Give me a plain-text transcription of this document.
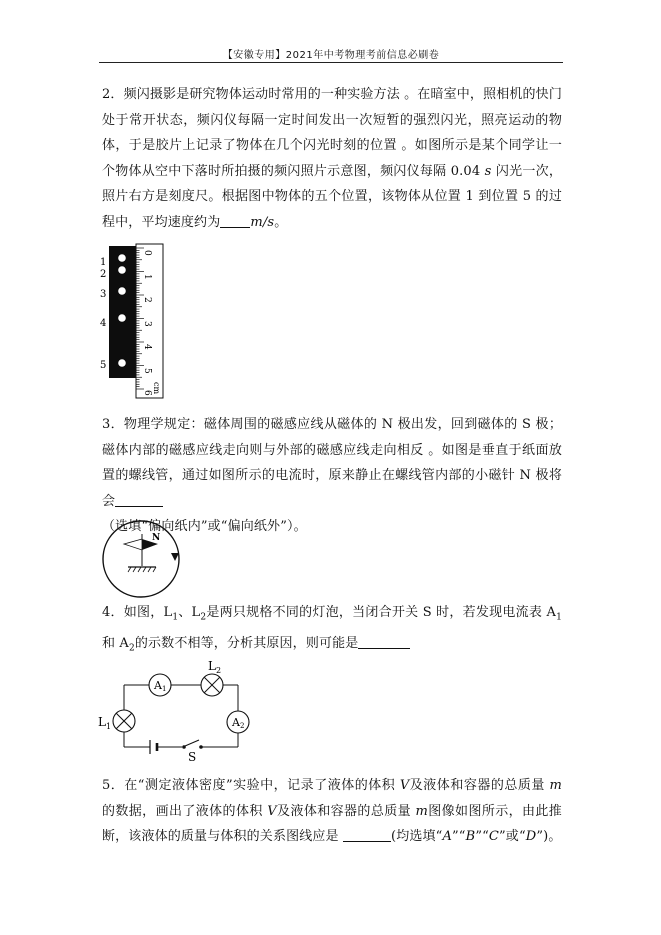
【安徽专用】2021年中考物理考前信息必刷卷
2．频闪摄影是研究物体运动时常用的一种实验方法 。在暗室中，照相机的快门处于常开状态，频闪仪每隔一定时间发出一次短暂的强烈闪光，照亮运动的物体，于是胶片上记录了物体在几个闪光时刻的位置 。如图所示是某个同学让一个物体从空中下落时所拍摄的频闪照片示意图，频闪仪每隔 0.04 s 闪光一次，照片右方是刻度尺。根据图中物体的五个位置，该物体从位置 1 到位置 5 的过程中，平均速度约为 m/s。
1
2
3
4
5
0
1
2
3
4
5
cm
6
3．物理学规定：磁体周围的磁感应线从磁体的 N 极出发，回到磁体的 S 极；磁体内部的磁感应线走向则与外部的磁感应线走向相反 。如图是垂直于纸面放置的螺线管，通过如图所示的电流时，原来静止在螺线管内部的小磁针 N 极将会
（选填“偏向纸内”或“偏向纸外”）。
N
4．如图，$L_1$、$L_2$是两只规格不同的灯泡，当闭合开关 S 时，若发现电流表 $A_1$和 $A_2$的示数不相等，分析其原因，则可能是
$L_1$
A1
$L_2$
A2
S
5．在“测定液体密度”实验中，记录了液体的体积 V及液体和容器的总质量 m的数据，画出了液体的体积 V及液体和容器的总质量 m图像如图所示，由此推断，该液体的质量与体积的关系图线应是	(均选填“A”“B”“C”或“D”)。
